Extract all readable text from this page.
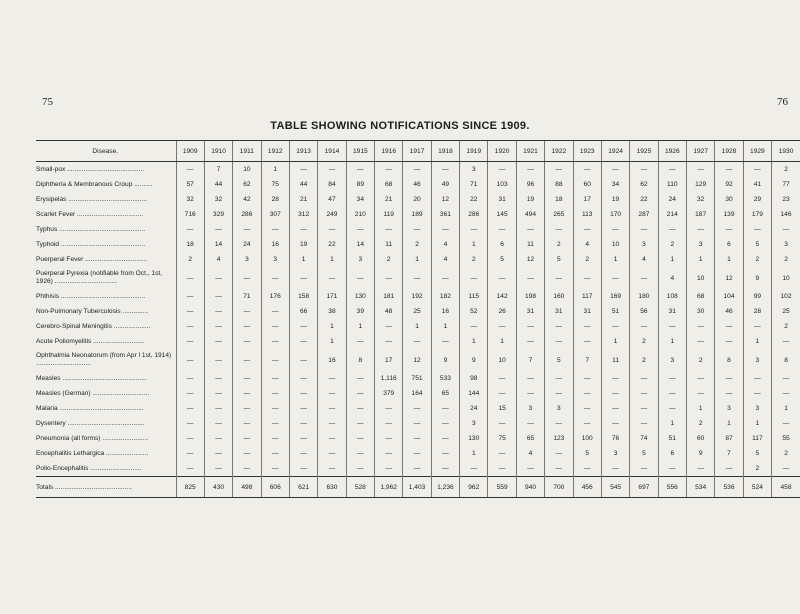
75	76
TABLE SHOWING NOTIFICATIONS SINCE 1909.
Disease.	1909	1910	1911	1912	1913	1914	1915	1916	1917	1918	1919	1920	1921	1922	1923	1924	1925	1926	1927	1928	1929	1930
Small-pox ..........................................	—	7	10	1	—	—	—	—	—	—	3	—	—	—	—	—	—	—	—	—	—	2
Diphtheria & Membranous Croup ..........	57	44	62	75	44	84	89	68	46	49	71	103	96	88	60	34	62	110	129	92	41	77
Erysipelas ...........................................	32	32	42	28	21	47	34	21	20	12	22	31	19	18	17	19	22	24	32	30	29	23
Scarlet Fever ....................................	716	329	286	307	312	249	210	119	189	361	286	145	494	265	113	170	287	214	187	139	179	146
Typhus ...............................................	—	—	—	—	—	—	—	—	—	—	—	—	—	—	—	—	—	—	—	—	—	—
Typhoid ..............................................	18	14	24	16	19	22	14	11	2	4	1	6	11	2	4	10	3	2	3	6	5	3
Puerperal Fever ..................................	2	4	3	3	1	1	3	2	1	4	2	5	12	5	2	1	4	1	1	1	2	2
Puerperal Pyrexia (notifiable from Oct., 1st, 1926) ..................................	—	—	—	—	—	—	—	—	—	—	—	—	—	—	—	—	—	4	10	12	9	10
Phthisis ..............................................	—	—	71	176	158	171	130	181	192	182	115	142	198	160	117	169	180	108	68	104	99	102
Non-Pulmonary Tuberculosis ..............	—	—	—	—	66	38	39	48	25	16	52	26	31	31	31	51	56	31	30	46	28	25
Cerebro-Spinal Meningitis ....................	—	—	—	—	—	1	1	—	1	1	—	—	—	—	—	—	—	—	—	—	—	2
Acute Poliomyelitis ............................	—	—	—	—	—	1	—	—	—	—	1	1	—	—	—	1	2	1	—	—	1	—
Ophthalmia Neonatorum (from Apr l 1st, 1914) ..............................	—	—	—	—	—	16	8	17	12	9	9	10	7	5	7	11	2	3	2	8	3	8
Measles ..............................................	—	—	—	—	—	—	—	1,116	751	533	98	—	—	—	—	—	—	—	—	—	—	—
Measles (German) ...............................	—	—	—	—	—	—	—	379	164	65	144	—	—	—	—	—	—	—	—	—	—	—
Malaria ..............................................	—	—	—	—	—	—	—	—	—	—	24	15	3	3	—	—	—	—	1	3	3	1
Dysentery ..........................................	—	—	—	—	—	—	—	—	—	—	3	—	—	—	—	—	—	1	2	1	1	—
Pneumonia (all forms) .........................	—	—	—	—	—	—	—	—	—	—	130	75	65	123	100	76	74	51	60	87	117	55
Encephalitis Lethargica .......................	—	—	—	—	—	—	—	—	—	—	1	—	4	—	5	3	5	6	9	7	5	2
Polio-Encephalitis ............................	—	—	—	—	—	—	—	—	—	—	—	—	—	—	—	—	—	—	—	—	2	—
Totals ..........................................	825	430	498	606	621	630	528	1,962	1,403	1,236	962	559	940	700	456	545	697	556	534	536	524	458
